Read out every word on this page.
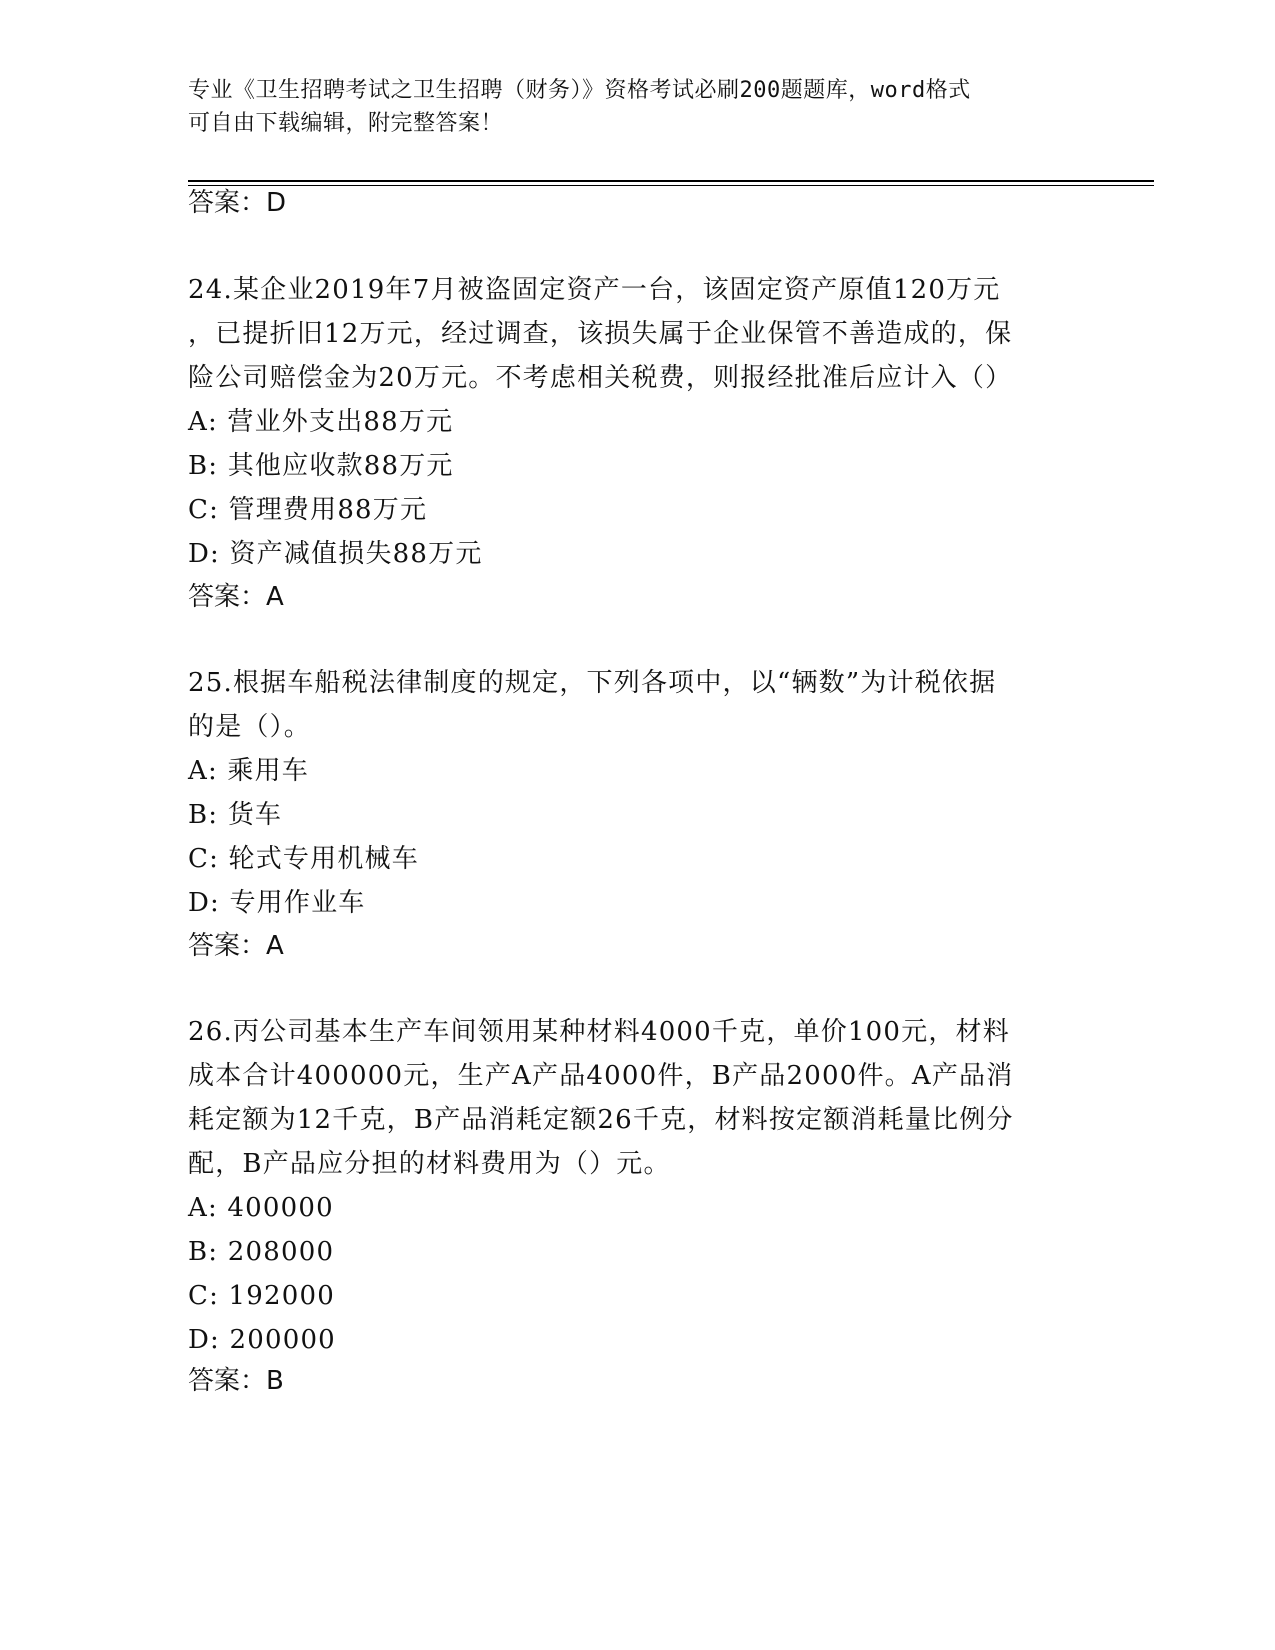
专业《卫生招聘考试之卫生招聘（财务）》资格考试必刷200题题库，word格式
可自由下载编辑，附完整答案！
答案：D
24.某企业2019年7月被盗固定资产一台，该固定资产原值120万元
，已提折旧12万元，经过调查，该损失属于企业保管不善造成的，保
险公司赔偿金为20万元。不考虑相关税费，则报经批准后应计入（）
A: 营业外支出88万元
B: 其他应收款88万元
C: 管理费用88万元
D: 资产减值损失88万元
答案：A
25.根据车船税法律制度的规定，下列各项中，以“辆数”为计税依据
的是（）。
A: 乘用车
B: 货车
C: 轮式专用机械车
D: 专用作业车
答案：A
26.丙公司基本生产车间领用某种材料4000千克，单价100元，材料
成本合计400000元，生产A产品4000件，B产品2000件。A产品消
耗定额为12千克，B产品消耗定额26千克，材料按定额消耗量比例分
配，B产品应分担的材料费用为（）元。
A: 400000
B: 208000
C: 192000
D: 200000
答案：B
